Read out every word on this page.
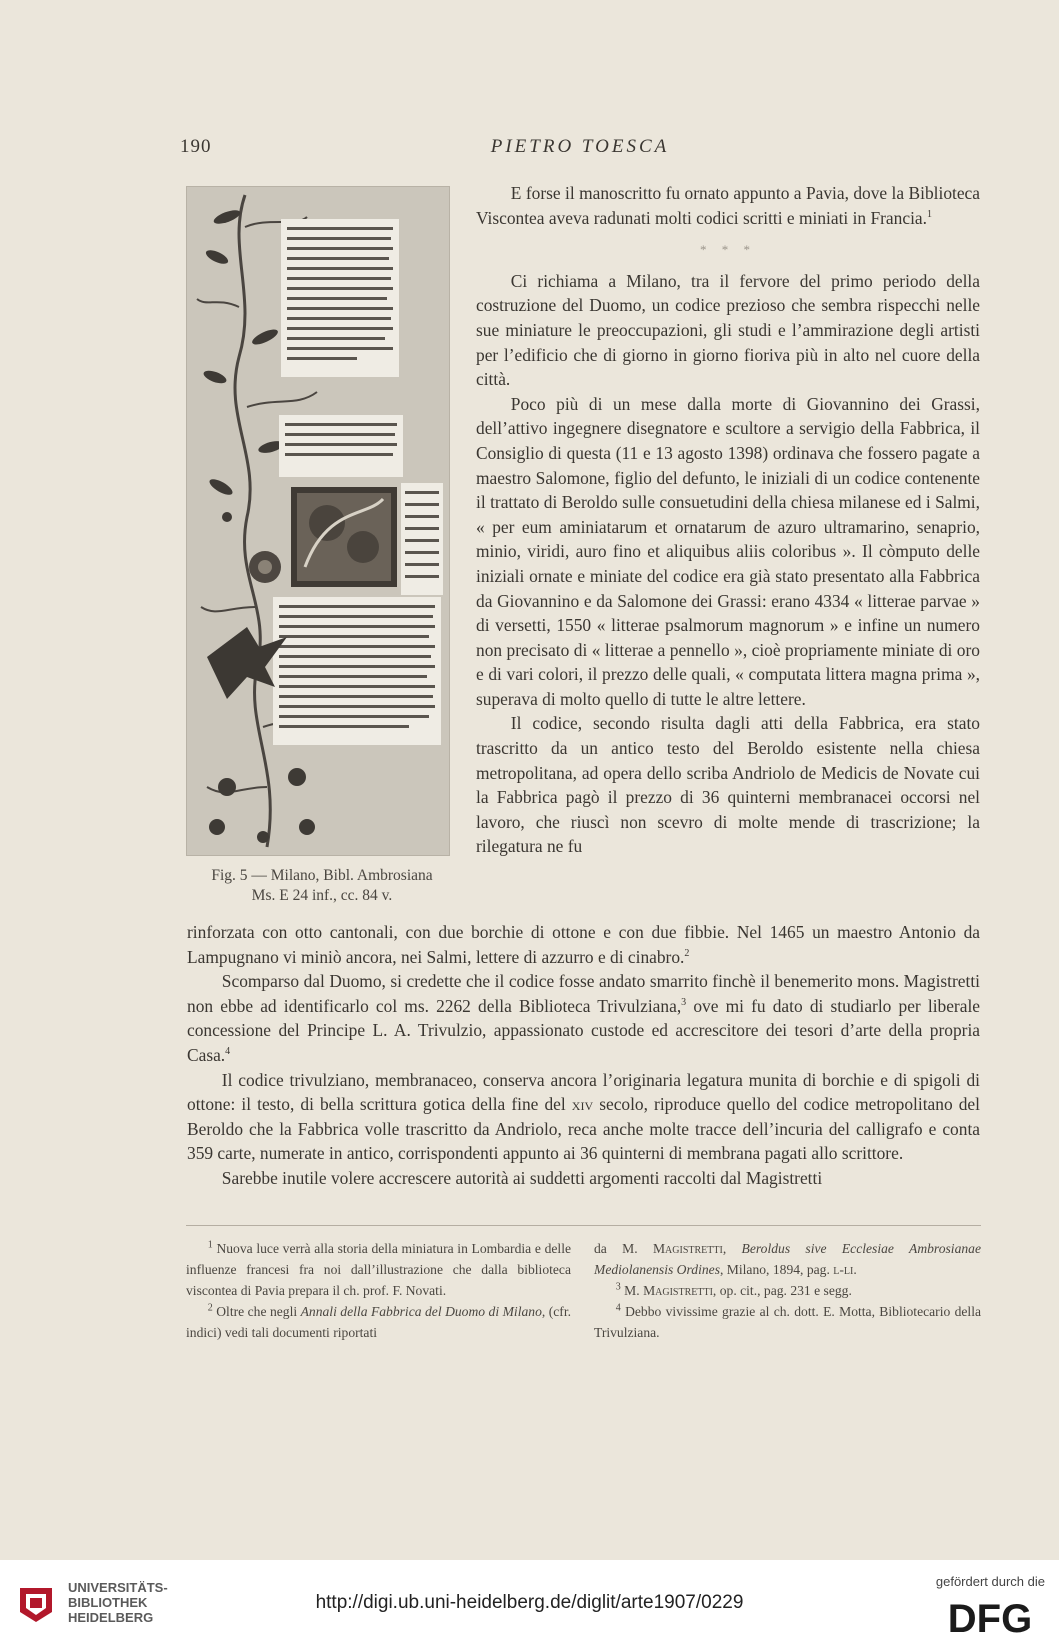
190	PIETRO TOESCA
Fig. 5 — Milano, Bibl. Ambrosiana
Ms. E 24 inf., cc. 84 v.

E forse il manoscritto fu ornato appunto a Pavia, dove la Biblioteca Viscontea aveva radunati molti codici scritti e miniati in Francia.$^1$

* * *

Ci richiama a Milano, tra il fervore del primo periodo della costruzione del Duomo, un codice prezioso che sembra rispecchi nelle sue miniature le preoccupazioni, gli studi e l’ammirazione degli artisti per l’edificio che di giorno in giorno fioriva più in alto nel cuore della città.

Poco più di un mese dalla morte di Giovannino dei Grassi, dell’attivo ingegnere disegnatore e scultore a servigio della Fabbrica, il Consiglio di questa (11 e 13 agosto 1398) ordinava che fossero pagate a maestro Salomone, figlio del defunto, le iniziali di un codice contenente il trattato di Beroldo sulle consuetudini della chiesa milanese ed i Salmi, « per eum aminiatarum et ornatarum de azuro ultramarino, senaprio, minio, viridi, auro fino et aliquibus aliis coloribus ». Il còmputo delle iniziali ornate e miniate del codice era già stato presentato alla Fabbrica da Giovannino e da Salomone dei Grassi: erano 4334 « litterae parvae » di versetti, 1550 « litterae psalmorum magnorum » e infine un numero non precisato di « litterae a pennello », cioè propriamente miniate di oro e di vari colori, il prezzo delle quali, « computata littera magna prima », superava di molto quello di tutte le altre lettere.

Il codice, secondo risulta dagli atti della Fabbrica, era stato trascritto da un antico testo del Beroldo esistente nella chiesa metropolitana, ad opera dello scriba Andriolo de Medicis de Novate cui la Fabbrica pagò il prezzo di 36 quinterni membranacei occorsi nel lavoro, che riuscì non scevro di molte mende di trascrizione; la rilegatura ne fu

rinforzata con otto cantonali, con due borchie di ottone e con due fibbie. Nel 1465 un maestro Antonio da Lampugnano vi miniò ancora, nei Salmi, lettere di azzurro e di cinabro.$^2$

Scomparso dal Duomo, si credette che il codice fosse andato smarrito finchè il benemerito mons. Magistretti non ebbe ad identificarlo col ms. 2262 della Biblioteca Trivulziana,$^3$ ove mi fu dato di studiarlo per liberale concessione del Principe L. A. Trivulzio, appassionato custode ed accrescitore dei tesori d’arte della propria Casa.$^4$

Il codice trivulziano, membranaceo, conserva ancora l’originaria legatura munita di borchie e di spigoli di ottone: il testo, di bella scrittura gotica della fine del xiv secolo, riproduce quello del codice metropolitano del Beroldo che la Fabbrica volle trascritto da Andriolo, reca anche molte tracce dell’incuria del calligrafo e conta 359 carte, numerate in antico, corrispondenti appunto ai 36 quinterni di membrana pagati allo scrittore.

Sarebbe inutile volere accrescere autorità ai suddetti argomenti raccolti dal Magistretti

$^1$ Nuova luce verrà alla storia della miniatura in Lombardia e delle influenze francesi fra noi dall’illustrazione che dalla biblioteca viscontea di Pavia prepara il ch. prof. F. Novati.

$^2$ Oltre che negli Annali della Fabbrica del Duomo di Milano, (cfr. indici) vedi tali documenti riportati

da M. Magistretti, Beroldus sive Ecclesiae Ambrosianae Mediolanensis Ordines, Milano, 1894, pag. l-li.

$^3$ M. Magistretti, op. cit., pag. 231 e segg.

$^4$ Debbo vivissime grazie al ch. dott. E. Motta, Bibliotecario della Trivulziana.

UNIVERSITÄTS-
BIBLIOTHEK
HEIDELBERG
http://digi.ub.uni-heidelberg.de/diglit/arte1907/0229
gefördert durch die
DFG
